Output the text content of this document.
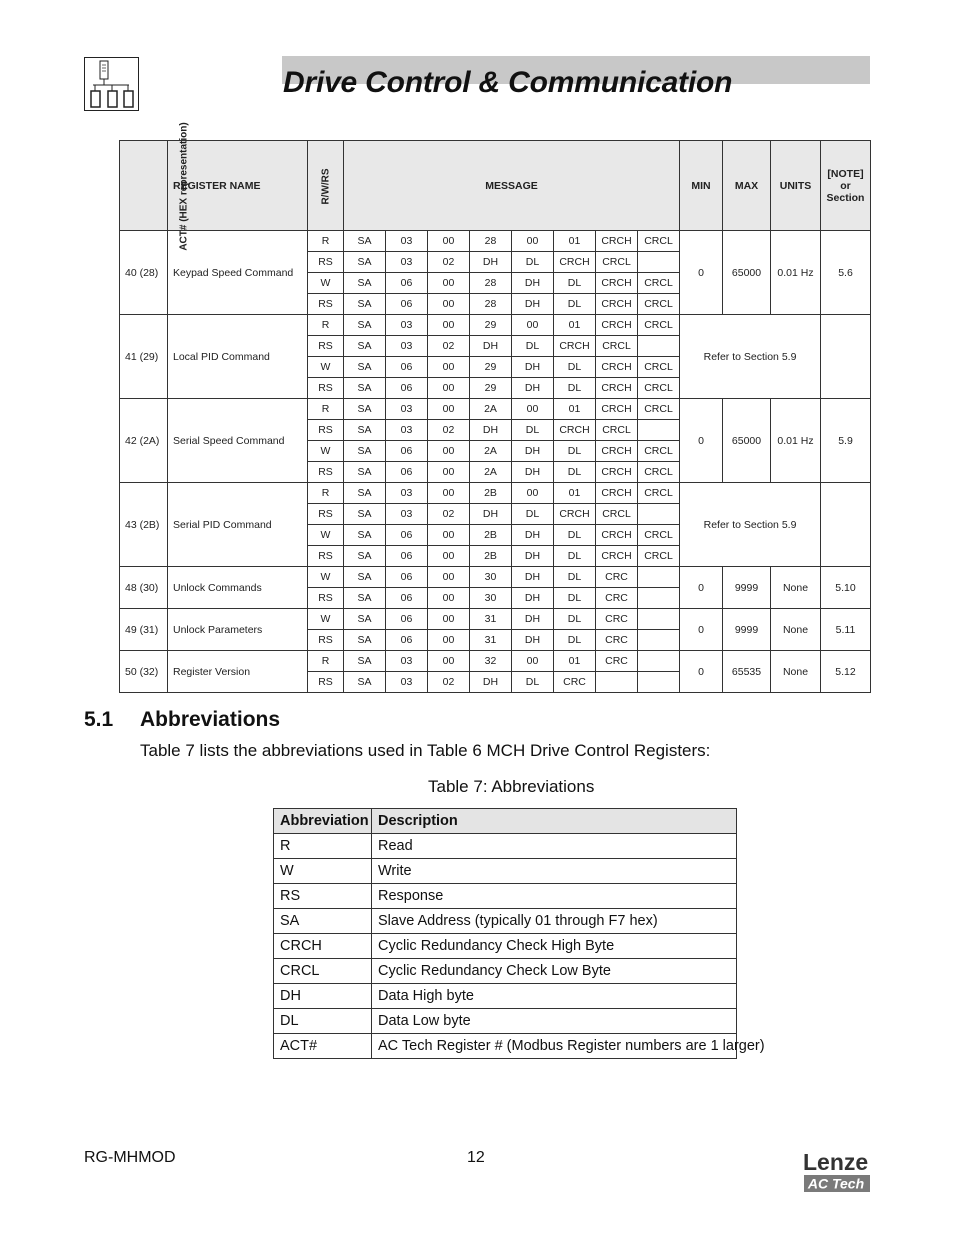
Drive Control & Communication
ACT# (HEX representation)	REGISTER NAME	R/W/RS	MESSAGE								MIN	MAX	UNITS	[NOTE]
or
Section
40 (28)	Keypad Speed Command	R	SA	03	00	28	00	01	CRCH	CRCL	0	65000	0.01 Hz	5.6
		RS	SA	03	02	DH	DL	CRCH	CRCL					
		W	SA	06	00	28	DH	DL	CRCH	CRCL				
		RS	SA	06	00	28	DH	DL	CRCH	CRCL				
41 (29)	Local PID Command	R	SA	03	00	29	00	01	CRCH	CRCL	Refer to Section 5.9			
		RS	SA	03	02	DH	DL	CRCH	CRCL					
		W	SA	06	00	29	DH	DL	CRCH	CRCL				
		RS	SA	06	00	29	DH	DL	CRCH	CRCL				
42 (2A)	Serial Speed Command	R	SA	03	00	2A	00	01	CRCH	CRCL	0	65000	0.01 Hz	5.9
		RS	SA	03	02	DH	DL	CRCH	CRCL					
		W	SA	06	00	2A	DH	DL	CRCH	CRCL				
		RS	SA	06	00	2A	DH	DL	CRCH	CRCL				
43 (2B)	Serial PID Command	R	SA	03	00	2B	00	01	CRCH	CRCL	Refer to Section 5.9			
		RS	SA	03	02	DH	DL	CRCH	CRCL					
		W	SA	06	00	2B	DH	DL	CRCH	CRCL				
		RS	SA	06	00	2B	DH	DL	CRCH	CRCL				
48 (30)	Unlock Commands	W	SA	06	00	30	DH	DL	CRC		0	9999	None	5.10
		RS	SA	06	00	30	DH	DL	CRC					
49 (31)	Unlock Parameters	W	SA	06	00	31	DH	DL	CRC		0	9999	None	5.11
		RS	SA	06	00	31	DH	DL	CRC					
50 (32)	Register Version	R	SA	03	00	32	00	01	CRC		0	65535	None	5.12
		RS	SA	03	02	DH	DL	CRC						
5.1 Abbreviations
Table 7 lists the abbreviations used in Table 6 MCH Drive Control Registers:
Table 7: Abbreviations
Abbreviation	Description
R	Read
W	Write
RS	Response
SA	Slave Address (typically 01 through F7 hex)
CRCH	Cyclic Redundancy Check High Byte
CRCL	Cyclic Redundancy Check Low Byte
DH	Data High byte
DL	Data Low byte
ACT#	AC Tech Register # (Modbus Register numbers are 1 larger)
RG-MHMOD	12	Lenze
AC Tech
